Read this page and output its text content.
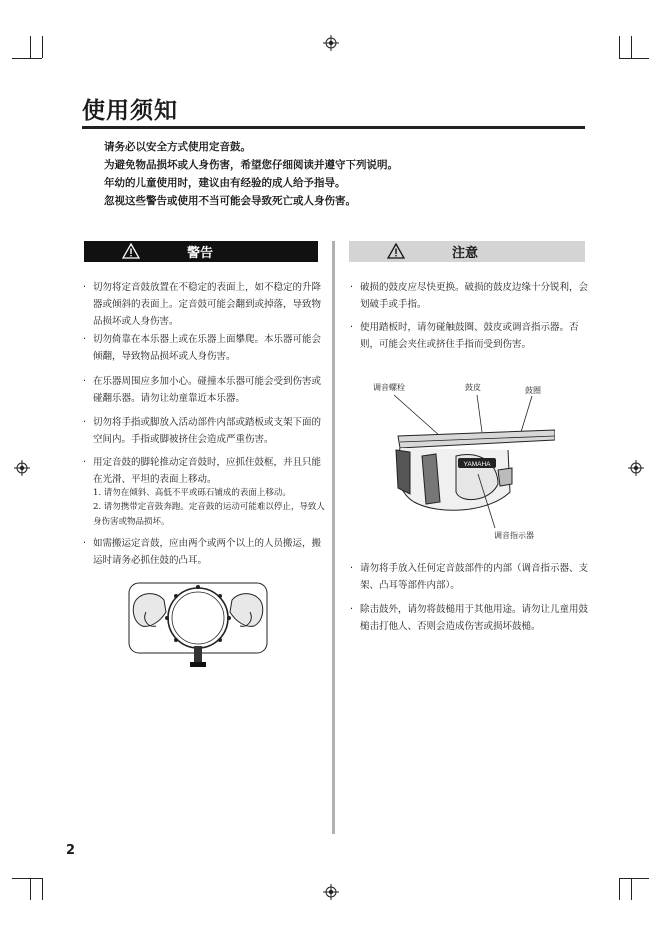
使用须知
请务必以安全方式使用定音鼓。
为避免物品损坏或人身伤害，希望您仔细阅读并遵守下列说明。
年幼的儿童使用时，建议由有经验的成人给予指导。
忽视这些警告或使用不当可能会导致死亡或人身伤害。
警告	注意
· 切勿将定音鼓放置在不稳定的表面上，如不稳定的升降器或倾斜的表面上。定音鼓可能会翻到或掉落，导致物品损坏或人身伤害。
· 切勿倚靠在本乐器上或在乐器上面攀爬。本乐器可能会倾翻，导致物品损坏或人身伤害。
· 在乐器周围应多加小心。碰撞本乐器可能会受到伤害或碰翻乐器。请勿让幼童靠近本乐器。
· 切勿将手指或脚放入活动部件内部或踏板或支架下面的空间内。手指或脚被挤住会造成严重伤害。
· 用定音鼓的脚轮推动定音鼓时，应抓住鼓框，并且只能在光滑、平坦的表面上移动。
1. 请勿在倾斜、高低不平或砾石铺成的表面上移动。
2. 请勿携带定音鼓奔跑。定音鼓的运动可能难以停止，导致人身伤害或物品损坏。
· 如需搬运定音鼓，应由两个或两个以上的人员搬运，搬运时请务必抓住鼓的凸耳。
· 破损的鼓皮应尽快更换。破损的鼓皮边缘十分锐利，会划破手或手指。
· 使用踏板时，请勿碰触鼓圈、鼓皮或调音指示器。否则，可能会夹住或挤住手指而受到伤害。
· 请勿将手放入任何定音鼓部件的内部（调音指示器、支架、凸耳等部件内部）。
· 除击鼓外，请勿将鼓槌用于其他用途。请勿让儿童用鼓槌击打他人、否则会造成伤害或损坏鼓槌。
调音螺栓	鼓皮	鼓圈
调音指示器
YAMAHA
2
